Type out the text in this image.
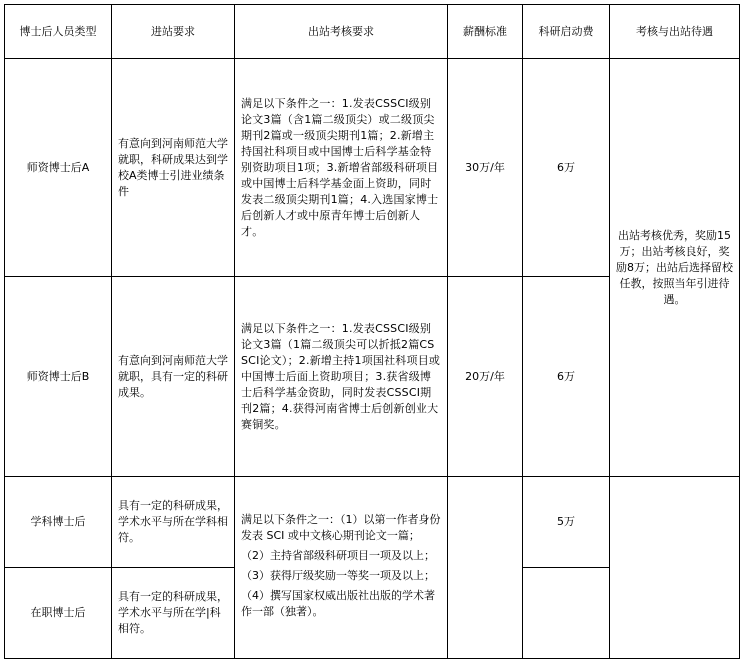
博士后人员类型	进站要求	出站考核要求	薪酬标准	科研启动费	考核与出站待遇
师资博士后A	有意向到河南师范大学就职，科研成果达到学校A类博士引进业绩条件	满足以下条件之一：1.发表CSSCI级别论文3篇（含1篇二级顶尖）或二级顶尖期刊2篇或一级顶尖期刊1篇；2.新增主持国社科项目或中国博士后科学基金特别资助项目1项；3.新增省部级科研项目或中国博士后科学基金面上资助，同时发表二级顶尖期刊1篇；4.入选国家博士后创新人才或中原青年博士后创新人才。	30万/年	6万	出站考核优秀，奖励15万；出站考核良好，奖励8万；出站后选择留校任教，按照当年引进待遇。
师资博士后B	有意向到河南师范大学就职，具有一定的科研成果。	满足以下条件之一：1.发表CSSCI级别论文3篇（1篇二级顶尖可以折抵2篇CSSCI论文）；2.新增主持1项国社科项目或中国博士后面上资助项目；3.获省级博士后科学基金资助，同时发表CSSCI期刊2篇；4.获得河南省博士后创新创业大赛铜奖。	20万/年	6万	
学科博士后	具有一定的科研成果，学术水平与所在学科相符。	满足以下条件之一：（1）以第一作者身份发表 SCI 或中文核心期刊论文一篇；
（2）主持省部级科研项目一项及以上；
（3）获得厅级奖励一等奖一项及以上；
（4）撰写国家权威出版社出版的学术著作一部（独著）。		5万	
在职博士后	具有一定的科研成果，学术水平与所在学|科相符。				
